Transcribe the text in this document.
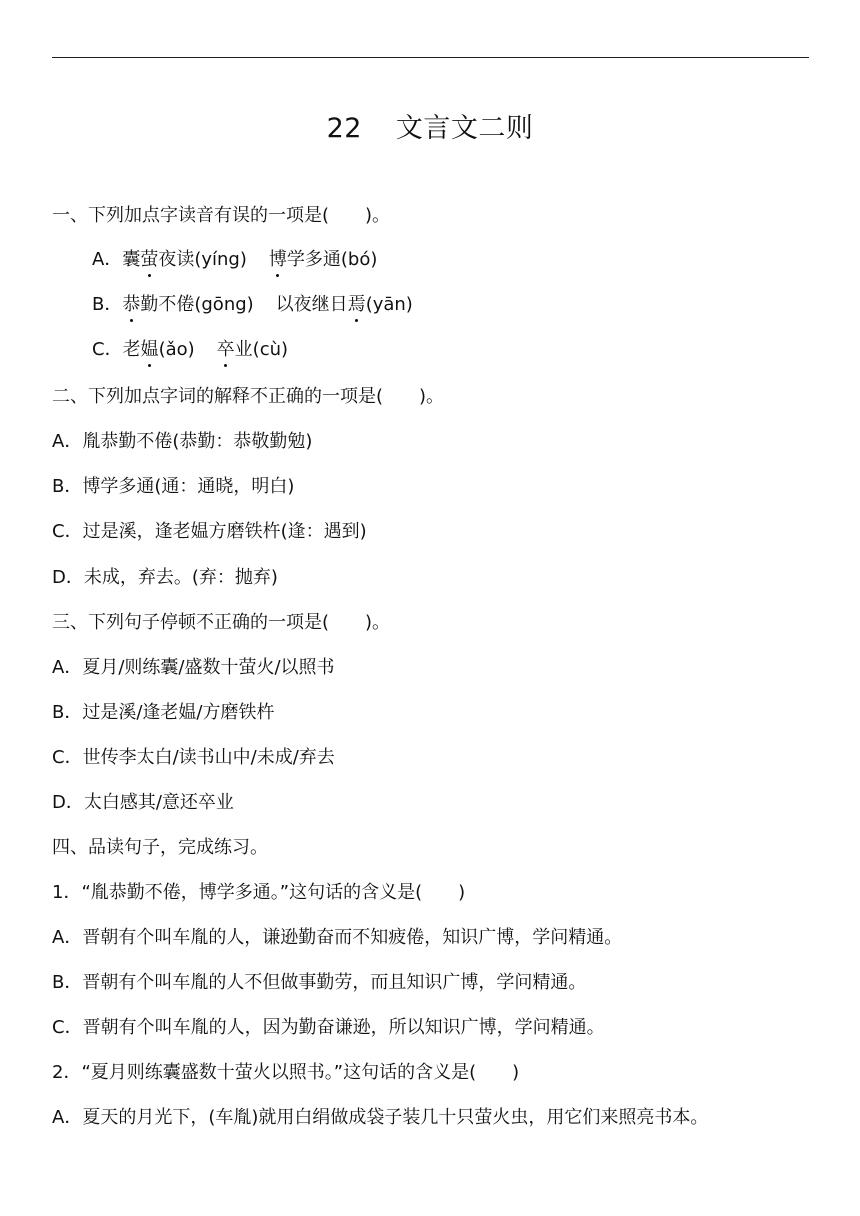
22 文言文二则
一、下列加点字读音有误的一项是(　　)。
A．囊萤夜读(yíng) 博学多通(bó)
B．恭勤不倦(gōng) 以夜继日焉(yān)
C．老媪(ǎo) 卒业(cù)
二、下列加点字词的解释不正确的一项是(　　)。
A．胤恭勤不倦(恭勤：恭敬勤勉)
B．博学多通(通：通晓，明白)
C．过是溪，逢老媪方磨铁杵(逢：遇到)
D．未成，弃去。(弃：抛弃)
三、下列句子停顿不正确的一项是(　　)。
A．夏月/则练囊/盛数十萤火/以照书
B．过是溪/逢老媪/方磨铁杵
C．世传李太白/读书山中/未成/弃去
D．太白感其/意还卒业
四、品读句子，完成练习。
1．“胤恭勤不倦，博学多通。”这句话的含义是(　　)
A．晋朝有个叫车胤的人，谦逊勤奋而不知疲倦，知识广博，学问精通。
B．晋朝有个叫车胤的人不但做事勤劳，而且知识广博，学问精通。
C．晋朝有个叫车胤的人，因为勤奋谦逊，所以知识广博，学问精通。
2．“夏月则练囊盛数十萤火以照书。”这句话的含义是(　　)
A．夏天的月光下，(车胤)就用白绢做成袋子装几十只萤火虫，用它们来照亮书本。
